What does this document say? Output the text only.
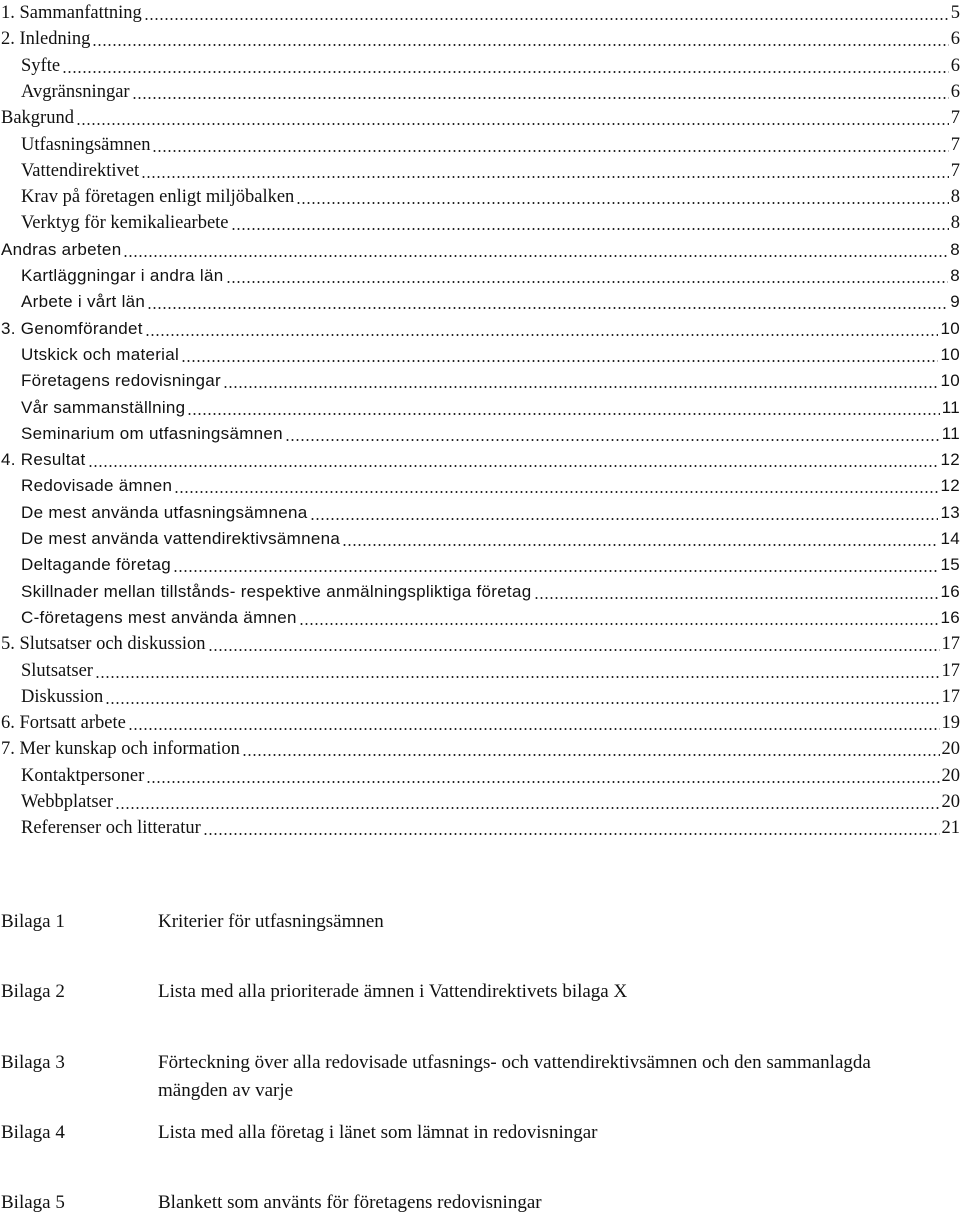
1. Sammanfattning	5
2. Inledning	6
Syfte	6
Avgränsningar	6
Bakgrund	7
Utfasningsämnen	7
Vattendirektivet	7
Krav på företagen enligt miljöbalken	8
Verktyg för kemikaliearbete	8
Andras arbeten	8
Kartläggningar i andra län	8
Arbete i vårt län	9
3. Genomförandet	10
Utskick och material	10
Företagens redovisningar	10
Vår sammanställning	11
Seminarium om utfasningsämnen	11
4. Resultat	12
Redovisade ämnen	12
De mest använda utfasningsämnena	13
De mest använda vattendirektivsämnena	14
Deltagande företag	15
Skillnader mellan tillstånds- respektive anmälningspliktiga företag	16
C-företagens mest använda ämnen	16
5. Slutsatser och diskussion	17
Slutsatser	17
Diskussion	17
6. Fortsatt arbete	19
7. Mer kunskap och information	20
Kontaktpersoner	20
Webbplatser	20
Referenser och litteratur	21
Bilaga 1	Kriterier för utfasningsämnen
Bilaga 2	Lista med alla prioriterade ämnen i Vattendirektivets bilaga X
Bilaga 3	Förteckning över alla redovisade utfasnings- och vattendirektivsämnen och den sammanlagda mängden av varje
Bilaga 4	Lista med alla företag i länet som lämnat in redovisningar
Bilaga 5	Blankett som använts för företagens redovisningar
